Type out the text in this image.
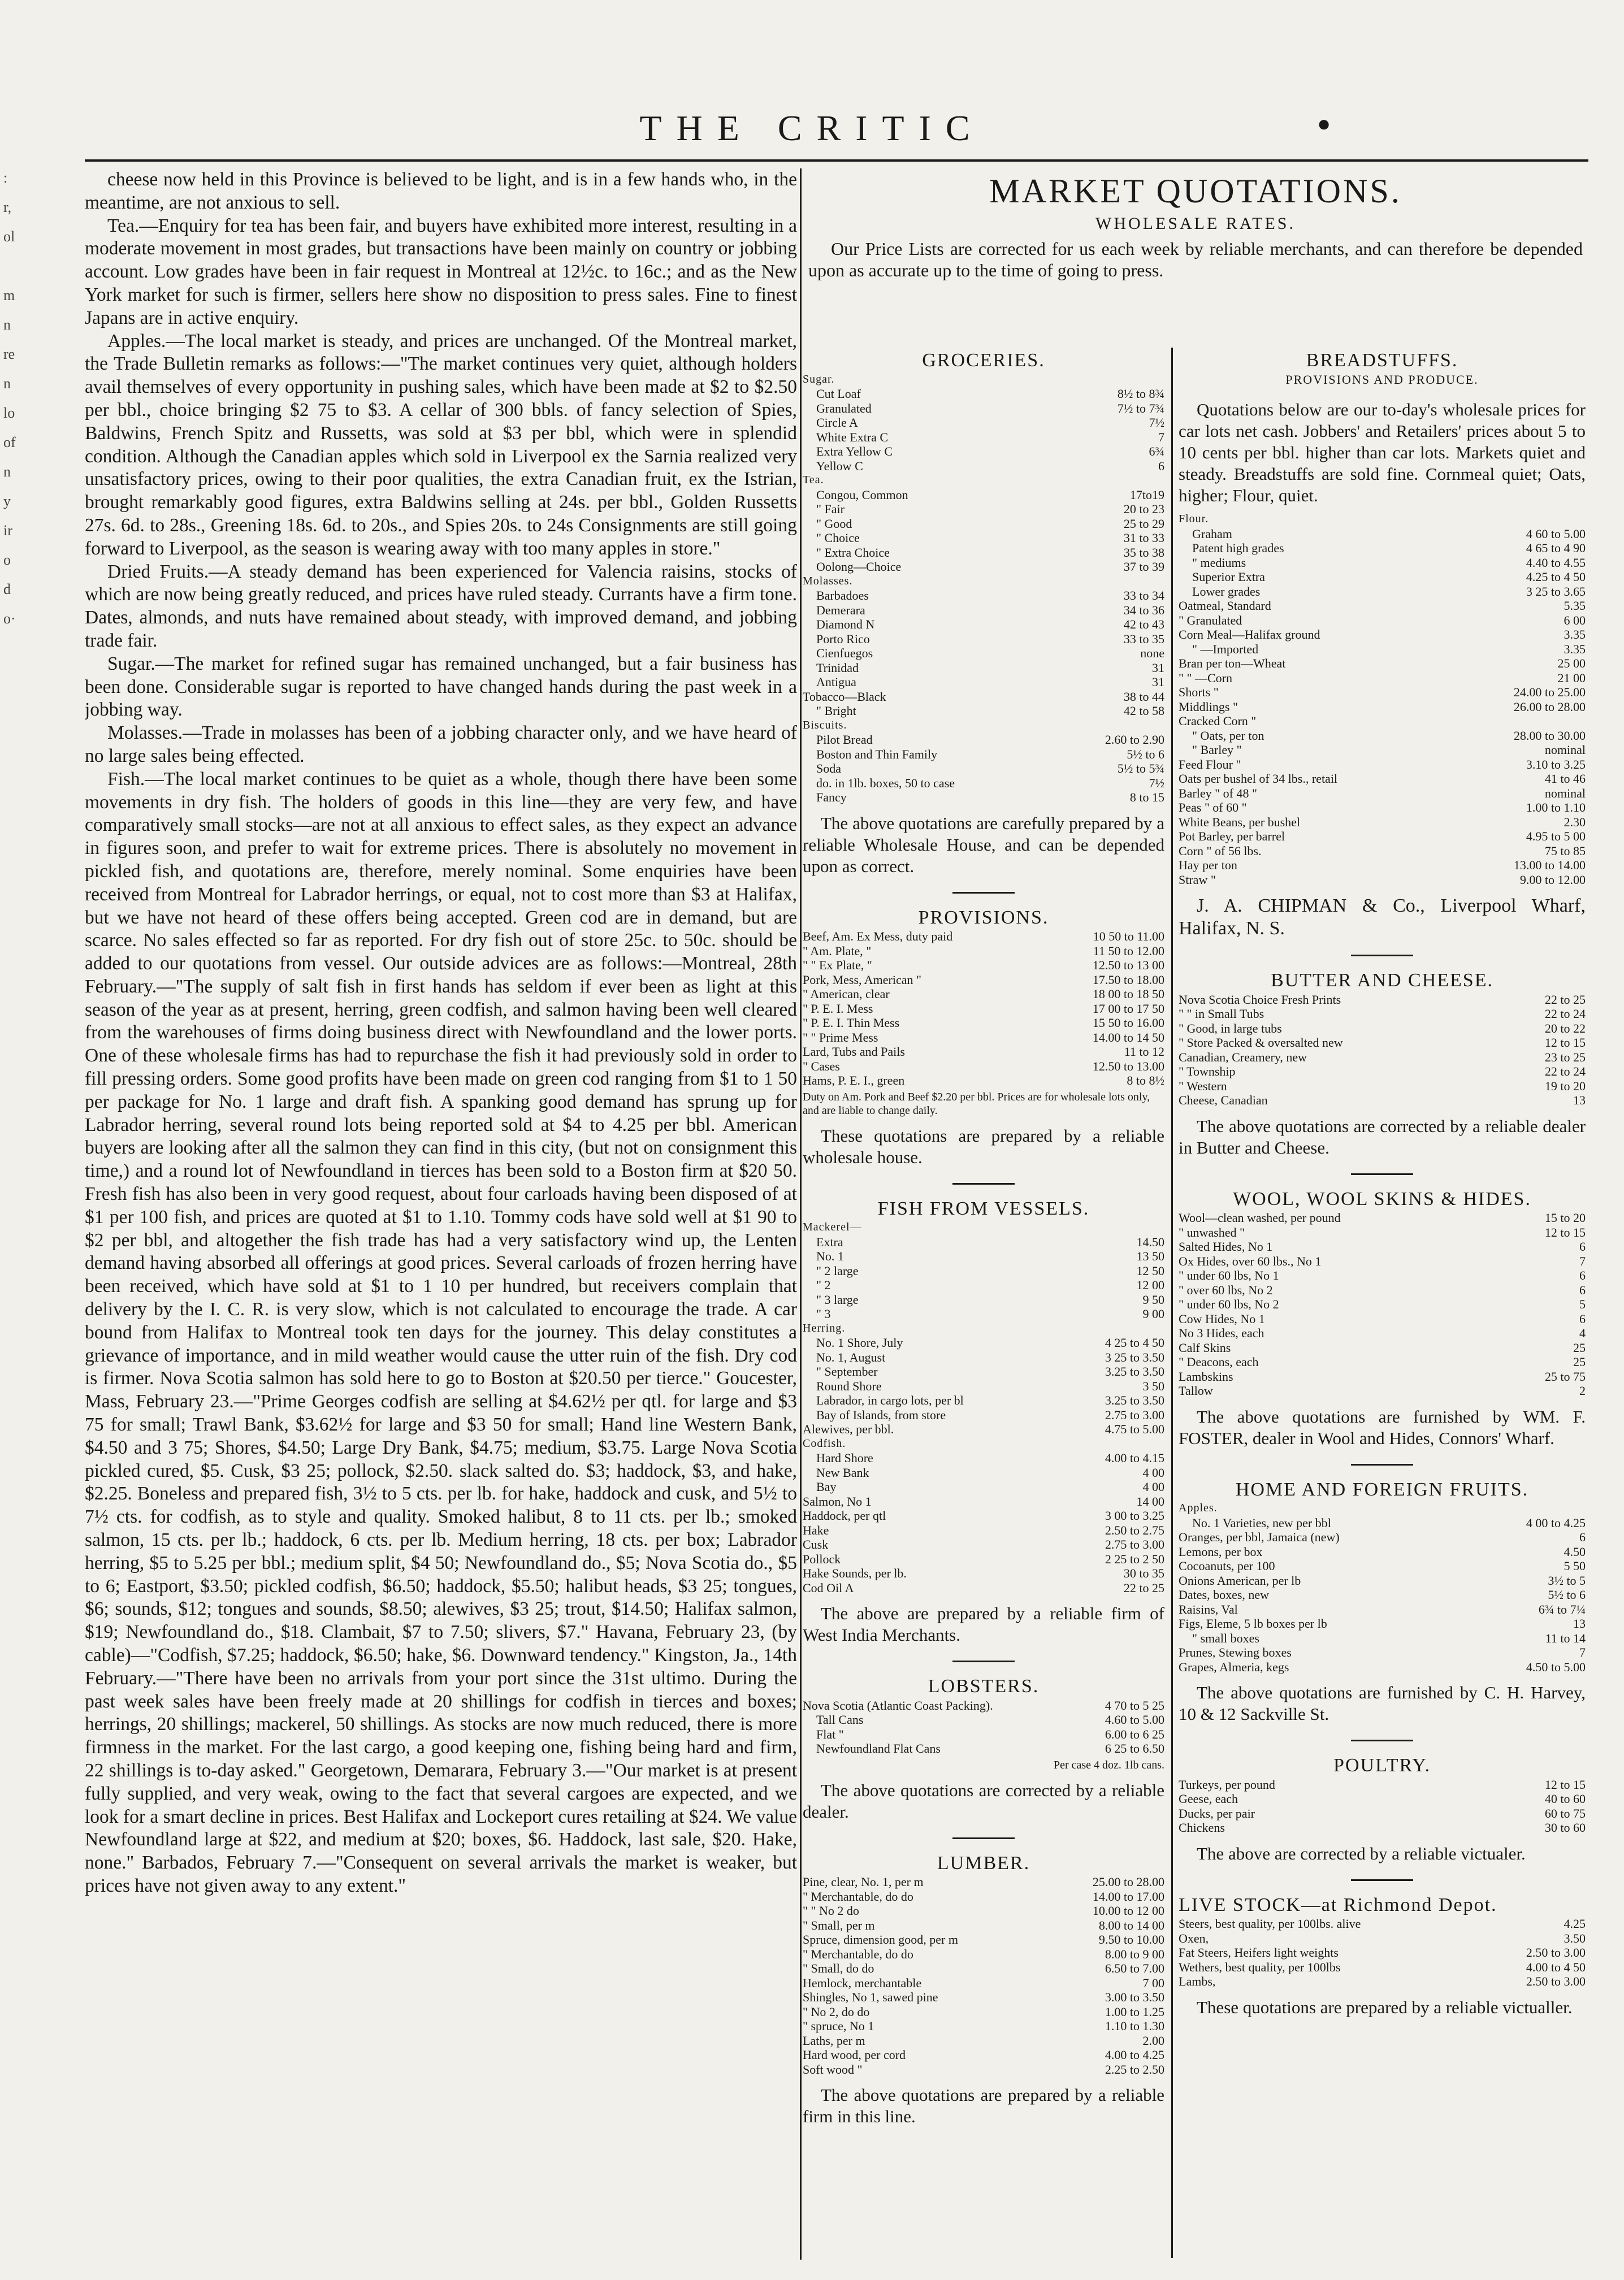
THE CRITIC	●
:
r,
ol
m
n
re
n
lo
of
n
y
ir
o
d
o·

cheese now held in this Province is believed to be light, and is in a few hands who, in the meantime, are not anxious to sell.

Tea.—Enquiry for tea has been fair, and buyers have exhibited more interest, resulting in a moderate movement in most grades, but transactions have been mainly on country or jobbing account. Low grades have been in fair request in Montreal at 12½c. to 16c.; and as the New York market for such is firmer, sellers here show no disposition to press sales. Fine to finest Japans are in active enquiry.

Apples.—The local market is steady, and prices are unchanged. Of the Montreal market, the Trade Bulletin remarks as follows:—"The market continues very quiet, although holders avail themselves of every opportunity in pushing sales, which have been made at $2 to $2.50 per bbl., choice bringing $2 75 to $3. A cellar of 300 bbls. of fancy selection of Spies, Baldwins, French Spitz and Russetts, was sold at $3 per bbl, which were in splendid condition. Although the Canadian apples which sold in Liverpool ex the Sarnia realized very unsatisfactory prices, owing to their poor qualities, the extra Canadian fruit, ex the Istrian, brought remarkably good figures, extra Baldwins selling at 24s. per bbl., Golden Russetts 27s. 6d. to 28s., Greening 18s. 6d. to 20s., and Spies 20s. to 24s Consignments are still going forward to Liverpool, as the season is wearing away with too many apples in store."

Dried Fruits.—A steady demand has been experienced for Valencia raisins, stocks of which are now being greatly reduced, and prices have ruled steady. Currants have a firm tone. Dates, almonds, and nuts have remained about steady, with improved demand, and jobbing trade fair.

Sugar.—The market for refined sugar has remained unchanged, but a fair business has been done. Considerable sugar is reported to have changed hands during the past week in a jobbing way.

Molasses.—Trade in molasses has been of a jobbing character only, and we have heard of no large sales being effected.

Fish.—The local market continues to be quiet as a whole, though there have been some movements in dry fish. The holders of goods in this line—they are very few, and have comparatively small stocks—are not at all anxious to effect sales, as they expect an advance in figures soon, and prefer to wait for extreme prices. There is absolutely no movement in pickled fish, and quotations are, therefore, merely nominal. Some enquiries have been received from Montreal for Labrador herrings, or equal, not to cost more than $3 at Halifax, but we have not heard of these offers being accepted. Green cod are in demand, but are scarce. No sales effected so far as reported. For dry fish out of store 25c. to 50c. should be added to our quotations from vessel. Our outside advices are as follows:—Montreal, 28th February.—"The supply of salt fish in first hands has seldom if ever been as light at this season of the year as at present, herring, green codfish, and salmon having been well cleared from the warehouses of firms doing business direct with Newfoundland and the lower ports. One of these wholesale firms has had to repurchase the fish it had previously sold in order to fill pressing orders. Some good profits have been made on green cod ranging from $1 to 1 50 per package for No. 1 large and draft fish. A spanking good demand has sprung up for Labrador herring, several round lots being reported sold at $4 to 4.25 per bbl. American buyers are looking after all the salmon they can find in this city, (but not on consignment this time,) and a round lot of Newfoundland in tierces has been sold to a Boston firm at $20 50. Fresh fish has also been in very good request, about four carloads having been disposed of at $1 per 100 fish, and prices are quoted at $1 to 1.10. Tommy cods have sold well at $1 90 to $2 per bbl, and altogether the fish trade has had a very satisfactory wind up, the Lenten demand having absorbed all offerings at good prices. Several carloads of frozen herring have been received, which have sold at $1 to 1 10 per hundred, but receivers complain that delivery by the I. C. R. is very slow, which is not calculated to encourage the trade. A car bound from Halifax to Montreal took ten days for the journey. This delay constitutes a grievance of importance, and in mild weather would cause the utter ruin of the fish. Dry cod is firmer. Nova Scotia salmon has sold here to go to Boston at $20.50 per tierce." Goucester, Mass, February 23.—"Prime Georges codfish are selling at $4.62½ per qtl. for large and $3 75 for small; Trawl Bank, $3.62½ for large and $3 50 for small; Hand line Western Bank, $4.50 and 3 75; Shores, $4.50; Large Dry Bank, $4.75; medium, $3.75. Large Nova Scotia pickled cured, $5. Cusk, $3 25; pollock, $2.50. slack salted do. $3; haddock, $3, and hake, $2.25. Boneless and prepared fish, 3½ to 5 cts. per lb. for hake, haddock and cusk, and 5½ to 7½ cts. for codfish, as to style and quality. Smoked halibut, 8 to 11 cts. per lb.; smoked salmon, 15 cts. per lb.; haddock, 6 cts. per lb. Medium herring, 18 cts. per box; Labrador herring, $5 to 5.25 per bbl.; medium split, $4 50; Newfoundland do., $5; Nova Scotia do., $5 to 6; Eastport, $3.50; pickled codfish, $6.50; haddock, $5.50; halibut heads, $3 25; tongues, $6; sounds, $12; tongues and sounds, $8.50; alewives, $3 25; trout, $14.50; Halifax salmon, $19; Newfoundland do., $18. Clambait, $7 to 7.50; slivers, $7." Havana, February 23, (by cable)—"Codfish, $7.25; haddock, $6.50; hake, $6. Downward tendency." Kingston, Ja., 14th February.—"There have been no arrivals from your port since the 31st ultimo. During the past week sales have been freely made at 20 shillings for codfish in tierces and boxes; herrings, 20 shillings; mackerel, 50 shillings. As stocks are now much reduced, there is more firmness in the market. For the last cargo, a good keeping one, fishing being hard and firm, 22 shillings is to-day asked." Georgetown, Demarara, February 3.—"Our market is at present fully supplied, and very weak, owing to the fact that several cargoes are expected, and we look for a smart decline in prices. Best Halifax and Lockeport cures retailing at $24. We value Newfoundland large at $22, and medium at $20; boxes, $6. Haddock, last sale, $20. Hake, none." Barbados, February 7.—"Consequent on several arrivals the market is weaker, but prices have not given away to any extent."

MARKET QUOTATIONS.
WHOLESALE RATES.

Our Price Lists are corrected for us each week by reliable merchants, and can therefore be depended upon as accurate up to the time of going to press.

GROCERIES.
Sugar.
Cut Loaf	8½ to 8¾
Granulated	7½ to 7¾
Circle A	7½
White Extra C	7
Extra Yellow C	6¾
Yellow C	6
Tea.
Congou, Common	17to19
" Fair	20 to 23
" Good	25 to 29
" Choice	31 to 33
" Extra Choice	35 to 38
Oolong—Choice	37 to 39
Molasses.
Barbadoes	33 to 34
Demerara	34 to 36
Diamond N	42 to 43
Porto Rico	33 to 35
Cienfuegos	none
Trinidad	31
Antigua	31
Tobacco—Black	38 to 44
" Bright	42 to 58
Biscuits.
Pilot Bread	2.60 to 2.90
Boston and Thin Family	5½ to 6
Soda	5½ to 5¾
do. in 1lb. boxes, 50 to case	7½
Fancy	8 to 15

The above quotations are carefully prepared by a reliable Wholesale House, and can be depended upon as correct.

PROVISIONS.
Beef, Am. Ex Mess, duty paid	10 50 to 11.00
" Am. Plate, "	11 50 to 12.00
" " Ex Plate, "	12.50 to 13 00
Pork, Mess, American "	17.50 to 18.00
" American, clear	18 00 to 18 50
" P. E. I. Mess	17 00 to 17 50
" P. E. I. Thin Mess	15 50 to 16.00
" " Prime Mess	14.00 to 14 50
Lard, Tubs and Pails	11 to 12
" Cases	12.50 to 13.00
Hams, P. E. I., green	8 to 8½

Duty on Am. Pork and Beef $2.20 per bbl. Prices are for wholesale lots only, and are liable to change daily.

These quotations are prepared by a reliable wholesale house.

FISH FROM VESSELS.
Mackerel—
Extra	14.50
No. 1	13 50
" 2 large	12 50
" 2	12 00
" 3 large	9 50
" 3	9 00
Herring.
No. 1 Shore, July	4 25 to 4 50
No. 1, August	3 25 to 3.50
" September	3.25 to 3.50
Round Shore	3 50
Labrador, in cargo lots, per bl	3.25 to 3.50
Bay of Islands, from store	2.75 to 3.00
Alewives, per bbl.	4.75 to 5.00
Codfish.
Hard Shore	4.00 to 4.15
New Bank	4 00
Bay	4 00
Salmon, No 1	14 00
Haddock, per qtl	3 00 to 3.25
Hake	2.50 to 2.75
Cusk	2.75 to 3.00
Pollock	2 25 to 2 50
Hake Sounds, per lb.	30 to 35
Cod Oil A	22 to 25

The above are prepared by a reliable firm of West India Merchants.

LOBSTERS.
Nova Scotia (Atlantic Coast Packing).	4 70 to 5 25
Tall Cans	4.60 to 5.00
Flat "	6.00 to 6 25
Newfoundland Flat Cans	6 25 to 6.50

Per case 4 doz. 1lb cans.

The above quotations are corrected by a reliable dealer.

LUMBER.
Pine, clear, No. 1, per m	25.00 to 28.00
" Merchantable, do do	14.00 to 17.00
" " No 2 do	10.00 to 12 00
" Small, per m	8.00 to 14 00
Spruce, dimension good, per m	9.50 to 10.00
" Merchantable, do do	8.00 to 9 00
" Small, do do	6.50 to 7.00
Hemlock, merchantable	7 00
Shingles, No 1, sawed pine	3.00 to 3.50
" No 2, do do	1.00 to 1.25
" spruce, No 1	1.10 to 1.30
Laths, per m	2.00
Hard wood, per cord	4.00 to 4.25
Soft wood "	2.25 to 2.50

The above quotations are prepared by a reliable firm in this line.

BREADSTUFFS.
PROVISIONS AND PRODUCE.

Quotations below are our to-day's wholesale prices for car lots net cash. Jobbers' and Retailers' prices about 5 to 10 cents per bbl. higher than car lots. Markets quiet and steady. Breadstuffs are sold fine. Cornmeal quiet; Oats, higher; Flour, quiet.

Flour.
Graham	4 60 to 5.00
Patent high grades	4 65 to 4 90
" mediums	4.40 to 4.55
Superior Extra	4.25 to 4 50
Lower grades	3 25 to 3.65
Oatmeal, Standard	5.35
" Granulated	6 00
Corn Meal—Halifax ground	3.35
" —Imported	3.35
Bran per ton—Wheat	25 00
" " —Corn	21 00
Shorts "	24.00 to 25.00
Middlings "	26.00 to 28.00
Cracked Corn "
" Oats, per ton	28.00 to 30.00
" Barley "	nominal
Feed Flour "	3.10 to 3.25
Oats per bushel of 34 lbs., retail	41 to 46
Barley " of 48 "	nominal
Peas " of 60 "	1.00 to 1.10
White Beans, per bushel	2.30
Pot Barley, per barrel	4.95 to 5 00
Corn " of 56 lbs.	75 to 85
Hay per ton	13.00 to 14.00
Straw "	9.00 to 12.00

J. A. CHIPMAN & Co., Liverpool Wharf, Halifax, N. S.

BUTTER AND CHEESE.
Nova Scotia Choice Fresh Prints	22 to 25
" " in Small Tubs	22 to 24
" Good, in large tubs	20 to 22
" Store Packed & oversalted new	12 to 15
Canadian, Creamery, new	23 to 25
" Township	22 to 24
" Western	19 to 20
Cheese, Canadian	13

The above quotations are corrected by a reliable dealer in Butter and Cheese.

WOOL, WOOL SKINS & HIDES.
Wool—clean washed, per pound	15 to 20
" unwashed "	12 to 15
Salted Hides, No 1	6
Ox Hides, over 60 lbs., No 1	7
" under 60 lbs, No 1	6
" over 60 lbs, No 2	6
" under 60 lbs, No 2	5
Cow Hides, No 1	6
No 3 Hides, each	4
Calf Skins	25
" Deacons, each	25
Lambskins	25 to 75
Tallow	2

The above quotations are furnished by WM. F. FOSTER, dealer in Wool and Hides, Connors' Wharf.

HOME AND FOREIGN FRUITS.
Apples.
No. 1 Varieties, new per bbl	4 00 to 4.25
Oranges, per bbl, Jamaica (new)	6
Lemons, per box	4.50
Cocoanuts, per 100	5 50
Onions American, per lb	3½ to 5
Dates, boxes, new	5½ to 6
Raisins, Val	6¾ to 7¼
Figs, Eleme, 5 lb boxes per lb	13
" small boxes	11 to 14
Prunes, Stewing boxes	7
Grapes, Almeria, kegs	4.50 to 5.00

The above quotations are furnished by C. H. Harvey, 10 & 12 Sackville St.

POULTRY.
Turkeys, per pound	12 to 15
Geese, each	40 to 60
Ducks, per pair	60 to 75
Chickens	30 to 60

The above are corrected by a reliable victualer.

LIVE STOCK—at Richmond Depot.
Steers, best quality, per 100lbs. alive	4.25
Oxen,	3.50
Fat Steers, Heifers light weights	2.50 to 3.00
Wethers, best quality, per 100lbs	4.00 to 4 50
Lambs,	2.50 to 3.00

These quotations are prepared by a reliable victualler.
